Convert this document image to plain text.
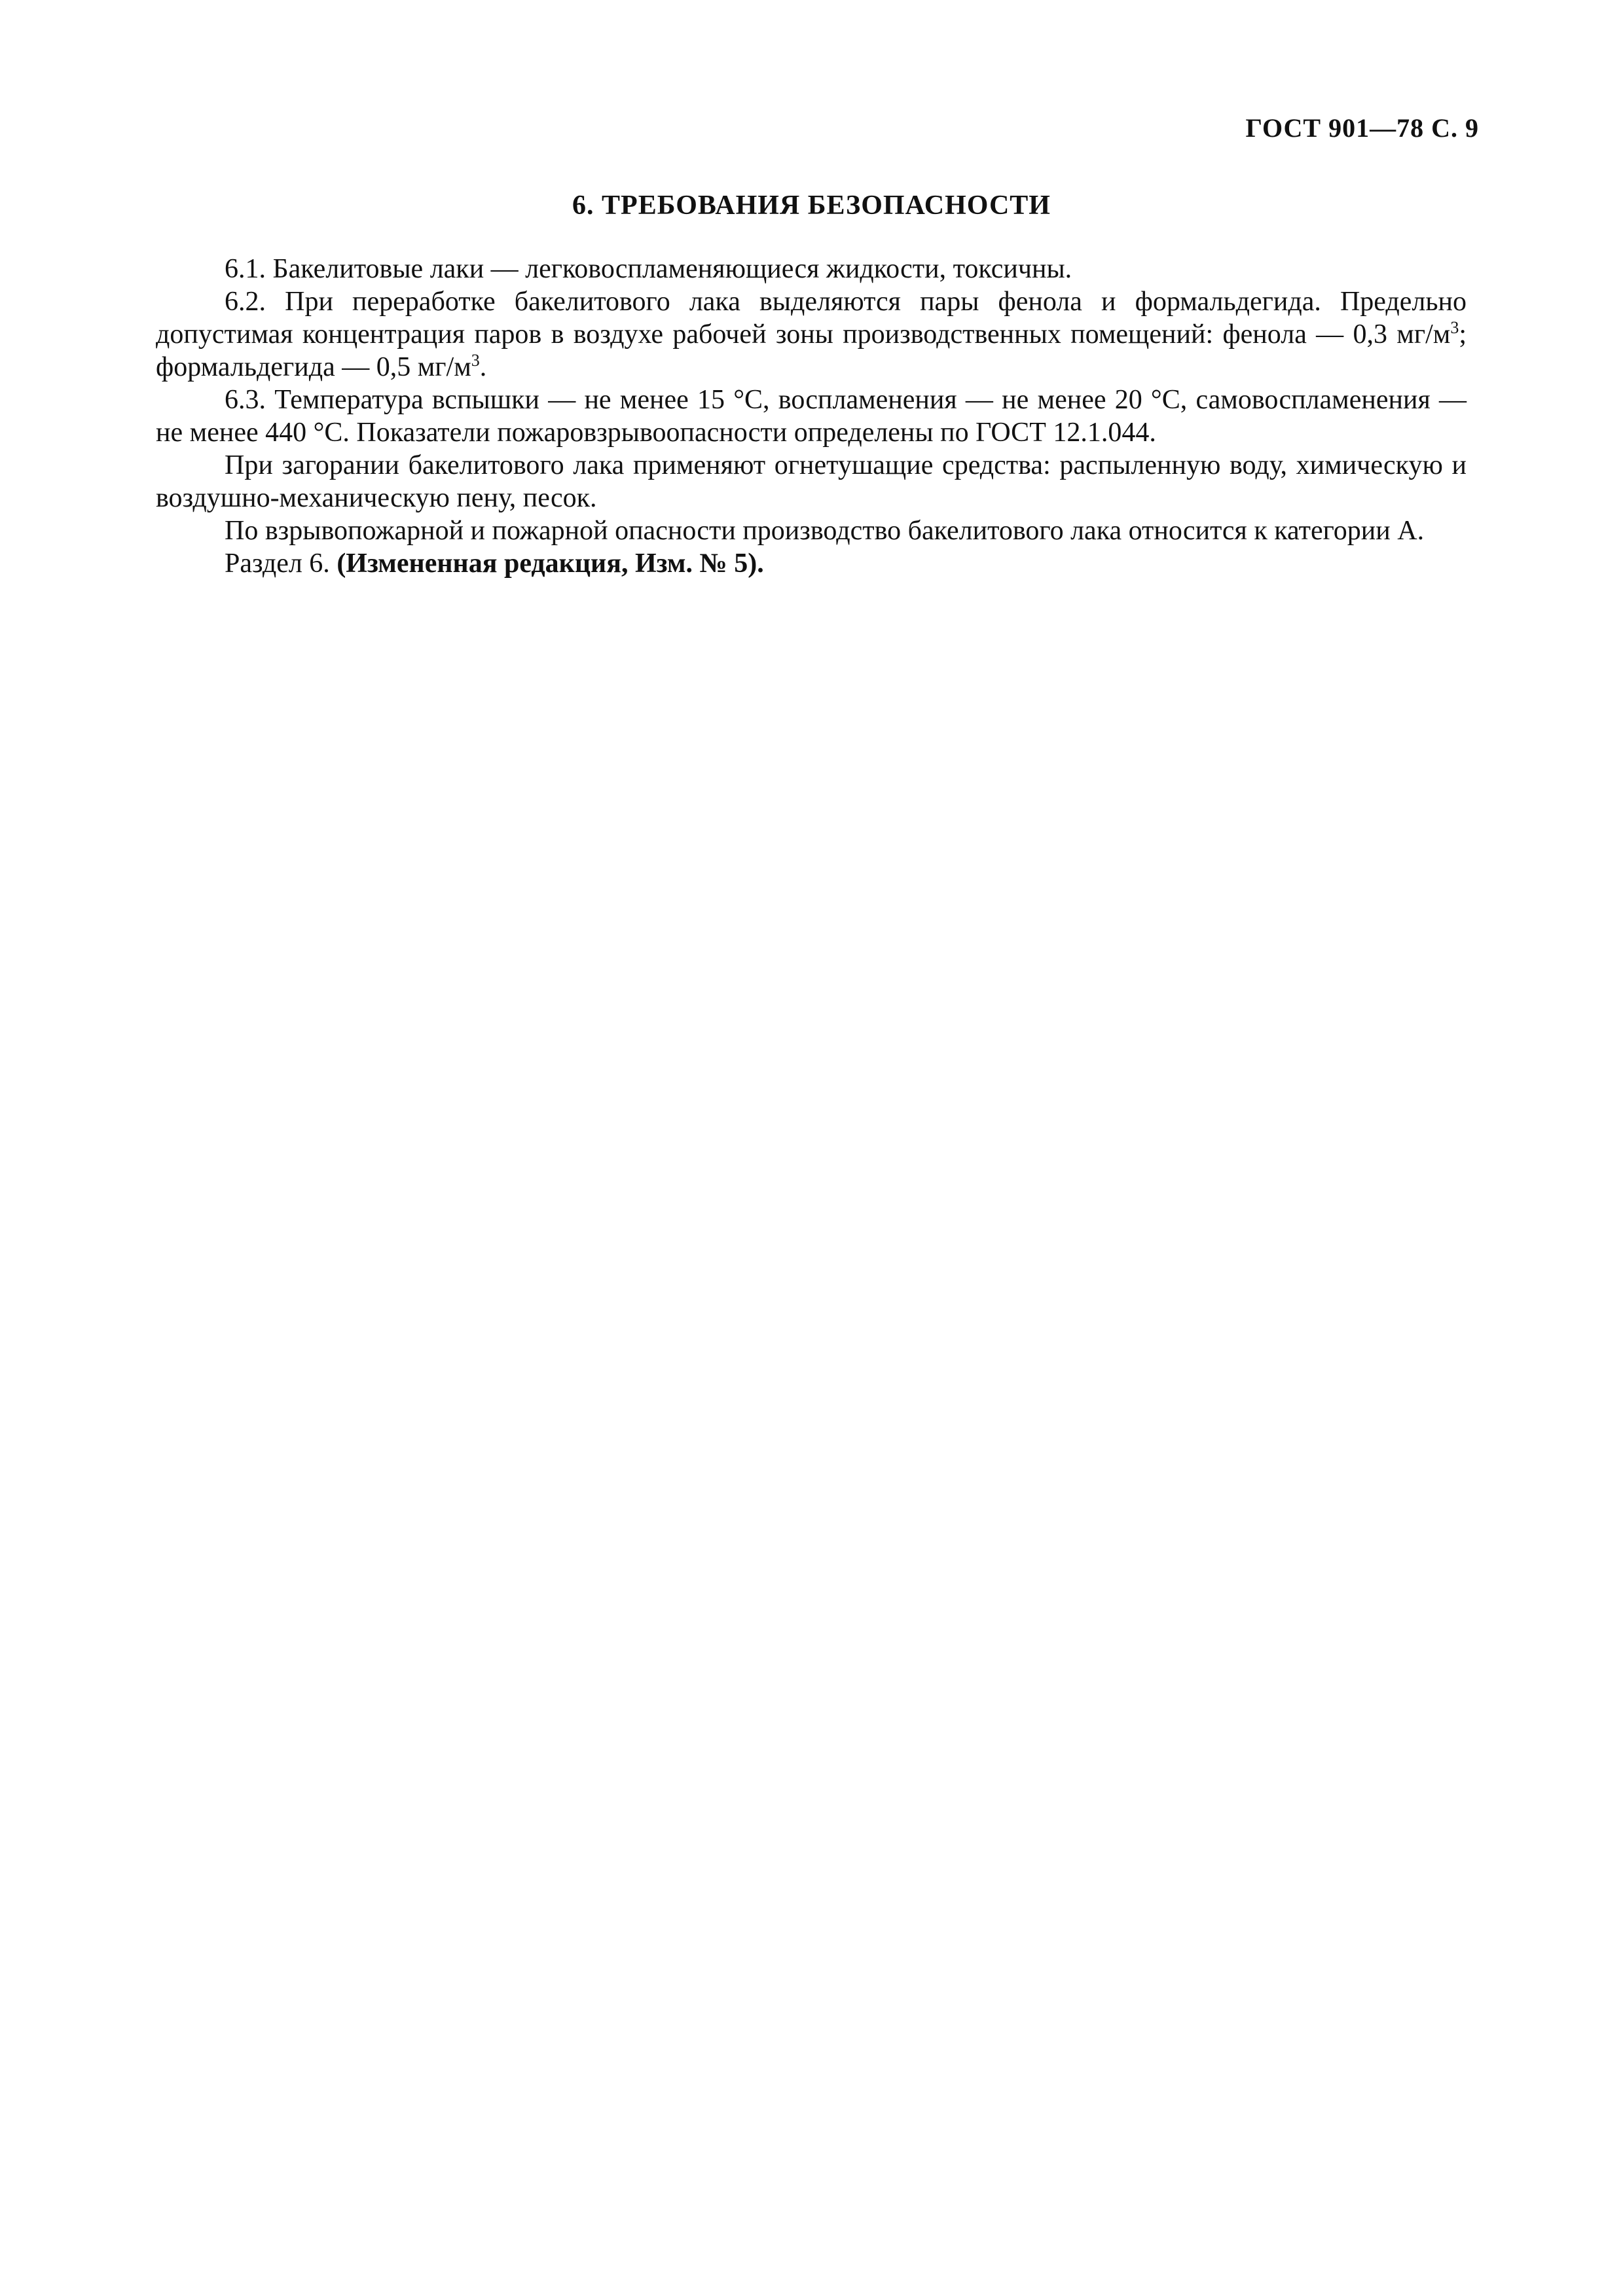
ГОСТ 901—78 С. 9
6. ТРЕБОВАНИЯ БЕЗОПАСНОСТИ

6.1. Бакелитовые лаки — легковоспламеняющиеся жидкости, токсичны.

6.2. При переработке бакелитового лака выделяются пары фенола и формальдегида. Предельно допустимая концентрация паров в воздухе рабочей зоны производственных помещений: фенола — 0,3 $мг/м^3$; формальдегида — 0,5 $мг/м^3$.

6.3. Температура вспышки — не менее 15 °С, воспламенения — не менее 20 °С, самовоспламенения — не менее 440 °С. Показатели пожаровзрывоопасности определены по ГОСТ 12.1.044.

При загорании бакелитового лака применяют огнетушащие средства: распыленную воду, химическую и воздушно-механическую пену, песок.

По взрывопожарной и пожарной опасности производство бакелитового лака относится к категории А.

Раздел 6. (Измененная редакция, Изм. № 5).
